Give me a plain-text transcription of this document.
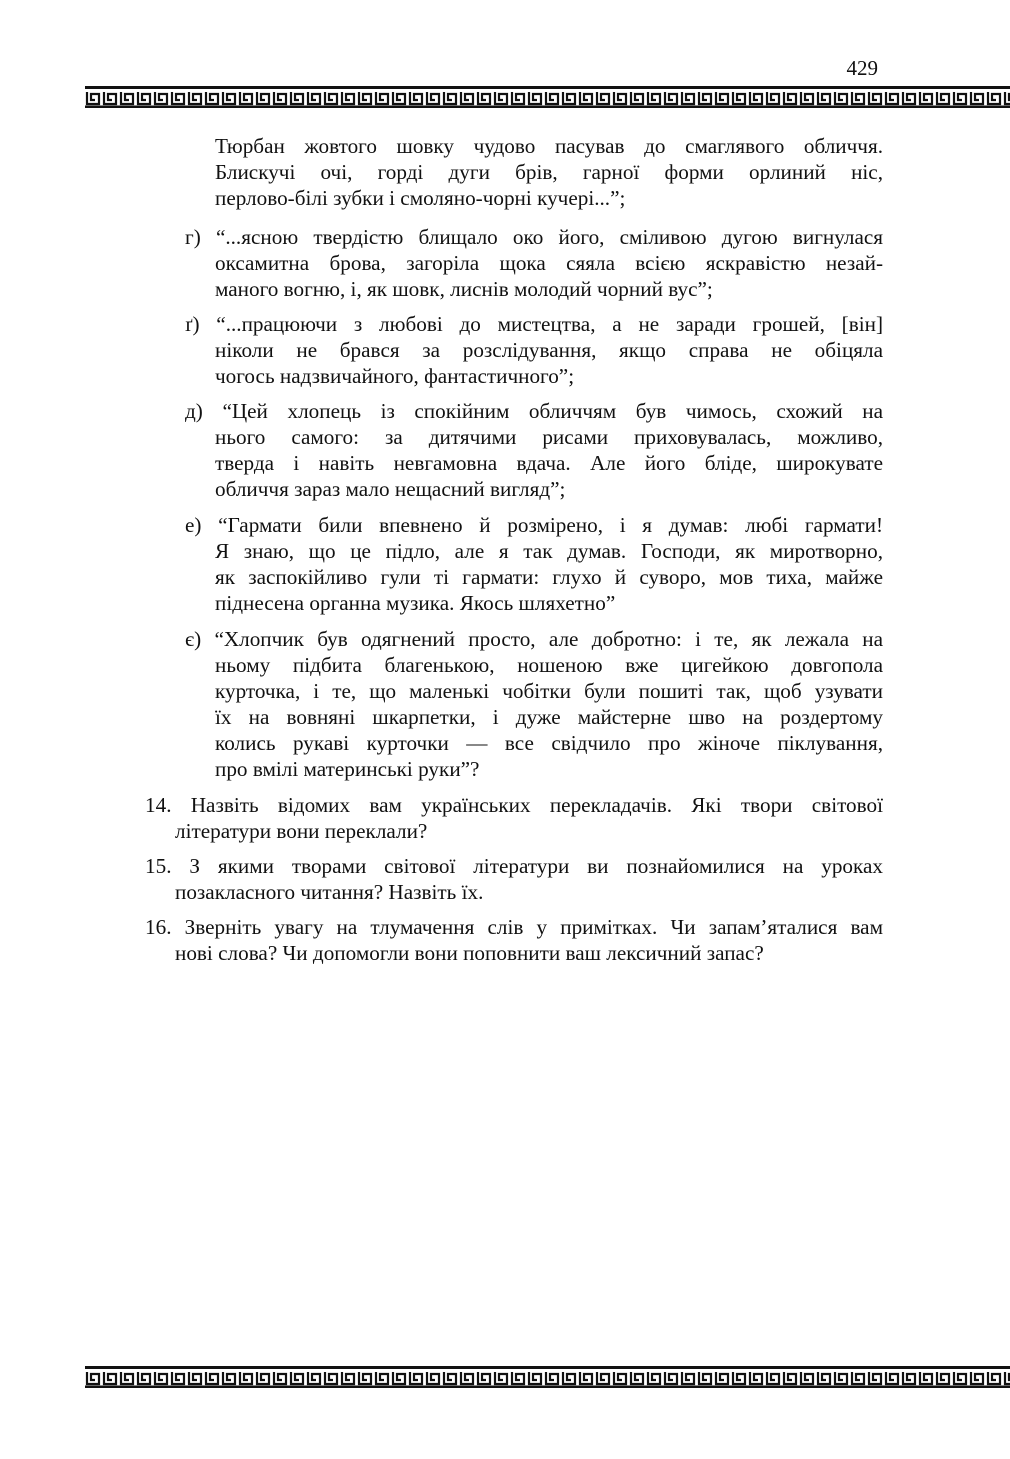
429
Тюрбан жовтого шовку чудово пасував до смаглявого обличчя.
Блискучі очі, горді дуги брів, гарної форми орлиний ніс,
перлово-білі зубки і смоляно-чорні кучері...”;
г) “...ясною твердістю блищало око його, сміливою дугою вигнулася
оксамитна брова, загоріла щока сяяла всією яскравістю незай-
маного вогню, і, як шовк, лиснів молодий чорний вус”;
ґ) “...працюючи з любові до мистецтва, а не заради грошей, [він]
ніколи не брався за розслідування, якщо справа не обіцяла
чогось надзвичайного, фантастичного”;
д) “Цей хлопець із спокійним обличчям був чимось, схожий на
нього самого: за дитячими рисами приховувалась, можливо,
тверда і навіть невгамовна вдача. Але його бліде, широкувате
обличчя зараз мало нещасний вигляд”;
е) “Гармати били впевнено й розмірено, і я думав: любі гармати!
Я знаю, що це підло, але я так думав. Господи, як миротворно,
як заспокійливо гули ті гармати: глухо й суворо, мов тиха, майже
піднесена органна музика. Якось шляхетно”
є) “Хлопчик був одягнений просто, але добротно: і те, як лежала на
ньому підбита благенькою, ношеною вже цигейкою довгопола
курточка, і те, що маленькі чобітки були пошиті так, щоб узувати
їх на вовняні шкарпетки, і дуже майстерне шво на роздертому
колись рукаві курточки — все свідчило про жіноче піклування,
про вмілі материнські руки”?
14. Назвіть відомих вам українських перекладачів. Які твори світової
літератури вони переклали?
15. З якими творами світової літератури ви познайомилися на уроках
позакласного читання? Назвіть їх.
16. Зверніть увагу на тлумачення слів у примітках. Чи запам’яталися вам
нові слова? Чи допомогли вони поповнити ваш лексичний запас?
